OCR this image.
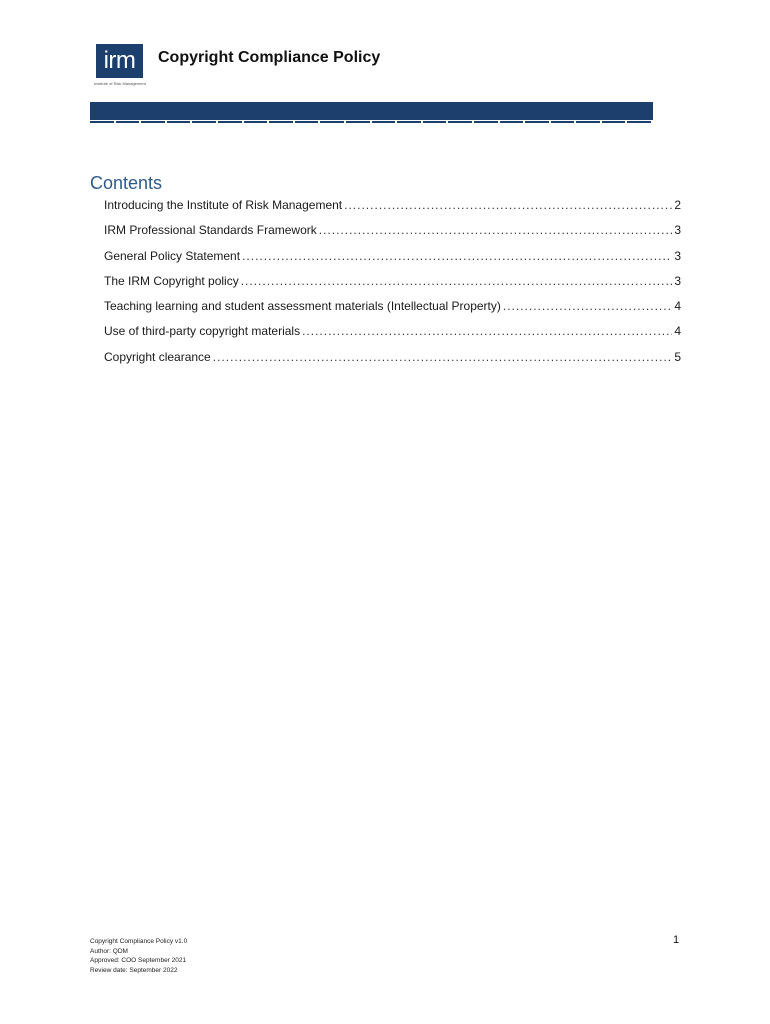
irm
Institute of Risk Management
Copyright Compliance Policy
Contents
Introducing the Institute of Risk Management .....	2
IRM Professional Standards Framework .....	3
General Policy Statement .....	3
The IRM Copyright policy .....	3
Teaching learning and student assessment materials (Intellectual Property) .....	4
Use of third-party copyright materials .....	4
Copyright clearance .....	5
Copyright Compliance Policy v1.0
Author: QDM
Approved: COO September 2021
Review date: September 2022
1
